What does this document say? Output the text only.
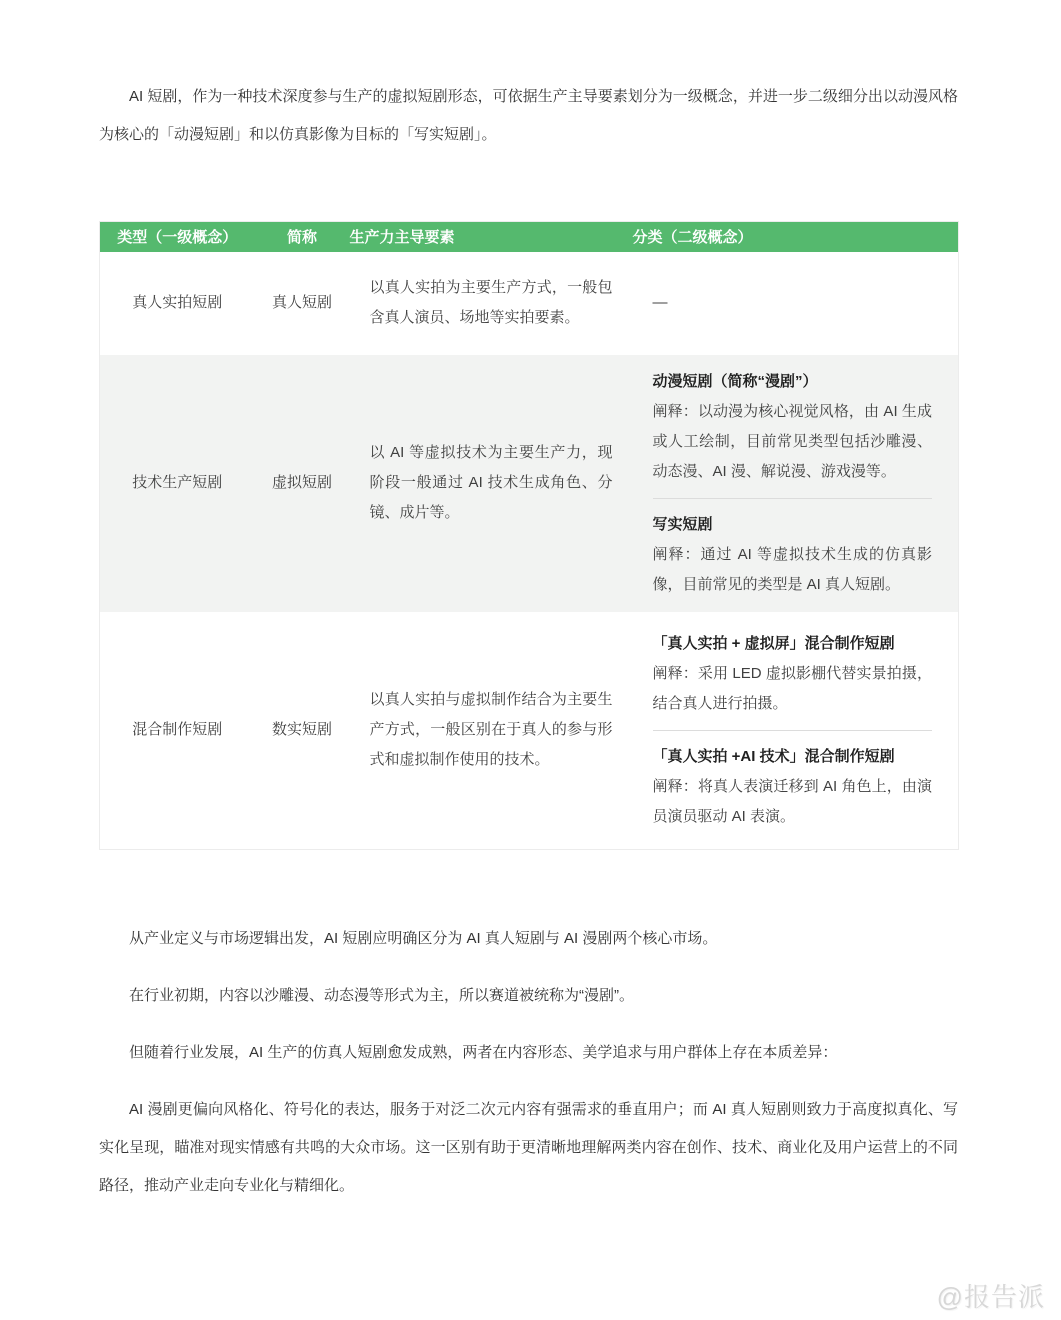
AI 短剧，作为一种技术深度参与生产的虚拟短剧形态，可依据生产主导要素划分为一级概念，并进一步二级细分出以动漫风格为核心的「动漫短剧」和以仿真影像为目标的「写实短剧」。

类型（一级概念）	简称	生产力主导要素	分类（二级概念）
真人实拍短剧	真人短剧	以真人实拍为主要生产方式，一般包含真人演员、场地等实拍要素。	—

技术生产短剧	虚拟短剧	以 AI 等虚拟技术为主要生产力，现阶段一般通过 AI 技术生成角色、分镜、成片等。	动漫短剧（简称“漫剧”）
阐释：以动漫为核心视觉风格，由 AI 生成或人工绘制，目前常见类型包括沙雕漫、动态漫、AI 漫、解说漫、游戏漫等。
写实短剧
阐释：通过 AI 等虚拟技术生成的仿真影像，目前常见的类型是 AI 真人短剧。

混合制作短剧	数实短剧	以真人实拍与虚拟制作结合为主要生产方式，一般区别在于真人的参与形式和虚拟制作使用的技术。	「真人实拍 + 虚拟屏」混合制作短剧
阐释：采用 LED 虚拟影棚代替实景拍摄，结合真人进行拍摄。
「真人实拍 +AI 技术」混合制作短剧
阐释：将真人表演迁移到 AI 角色上，由演员演员驱动 AI 表演。

从产业定义与市场逻辑出发，AI 短剧应明确区分为 AI 真人短剧与 AI 漫剧两个核心市场。

在行业初期，内容以沙雕漫、动态漫等形式为主，所以赛道被统称为“漫剧”。

但随着行业发展，AI 生产的仿真人短剧愈发成熟，两者在内容形态、美学追求与用户群体上存在本质差异：

AI 漫剧更偏向风格化、符号化的表达，服务于对泛二次元内容有强需求的垂直用户；而 AI 真人短剧则致力于高度拟真化、写实化呈现，瞄准对现实情感有共鸣的大众市场。这一区别有助于更清晰地理解两类内容在创作、技术、商业化及用户运营上的不同路径，推动产业走向专业化与精细化。

@报告派
